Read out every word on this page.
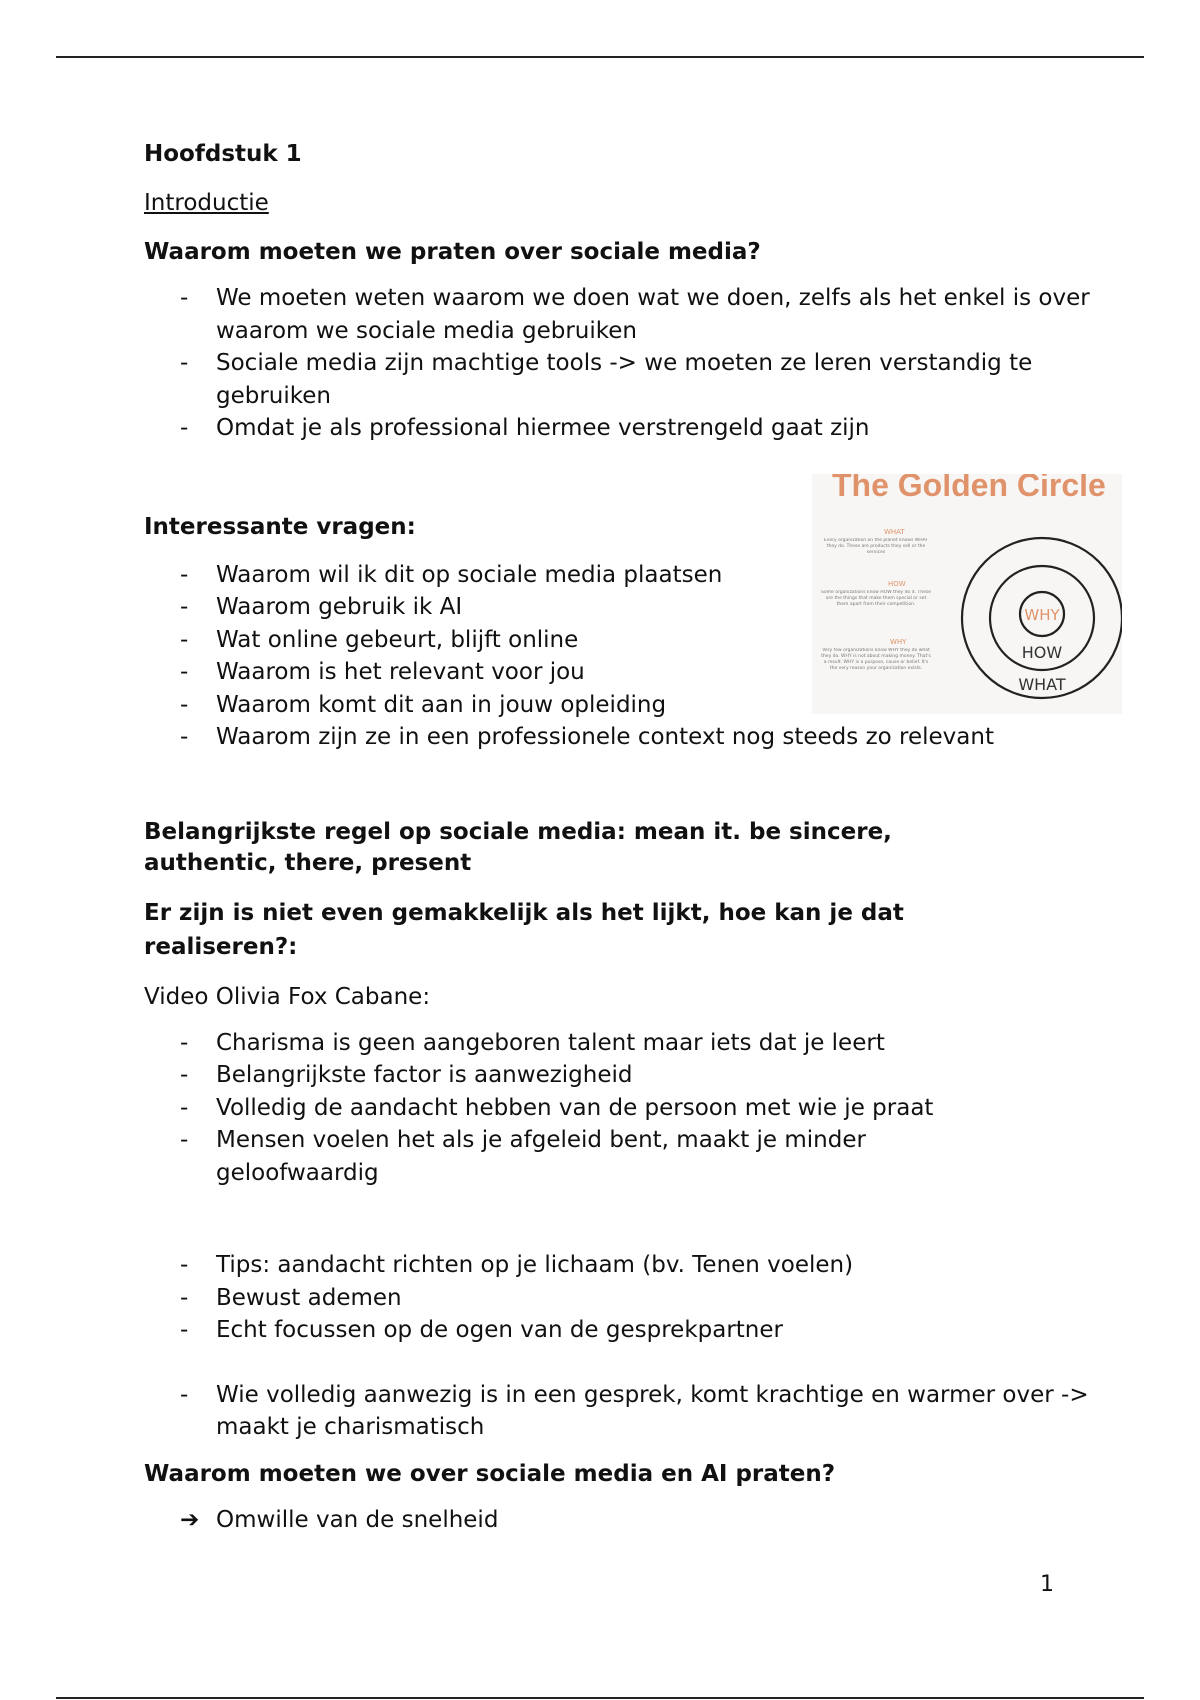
Hoofdstuk 1
Introductie
Waarom moeten we praten over sociale media?
- We moeten weten waarom we doen wat we doen, zelfs als het enkel is over waarom we sociale media gebruiken
- Sociale media zijn machtige tools -> we moeten ze leren verstandig te gebruiken
- Omdat je als professional hiermee verstrengeld gaat zijn
Interessante vragen:
- Waarom wil ik dit op sociale media plaatsen
- Waarom gebruik ik AI
- Wat online gebeurt, blijft online
- Waarom is het relevant voor jou
- Waarom komt dit aan in jouw opleiding
- Waarom zijn ze in een professionele context nog steeds zo relevant
Belangrijkste regel op sociale media: mean it. be sincere, authentic, there, present
Er zijn is niet even gemakkelijk als het lijkt, hoe kan je dat realiseren?:
Video Olivia Fox Cabane:
- Charisma is geen aangeboren talent maar iets dat je leert
- Belangrijkste factor is aanwezigheid
- Volledig de aandacht hebben van de persoon met wie je praat
- Mensen voelen het als je afgeleid bent, maakt je minder geloofwaardig
- Tips: aandacht richten op je lichaam (bv. Tenen voelen)
- Bewust ademen
- Echt focussen op de ogen van de gesprekpartner
- Wie volledig aanwezig is in een gesprek, komt krachtige en warmer over -> maakt je charismatisch
Waarom moeten we over sociale media en AI praten?
➔ Omwille van de snelheid
The Golden Circle
WHAT
Every organization on the planet knows WHAT they do. These are products they sell or the services
HOW
Some organizations know HOW they do it. These are the things that make them special or set them apart from their competition.
WHY
Very few organizations know WHY they do what they do. WHY is not about making money. That's a result. WHY is a purpose, cause or belief. It's the very reason your organization exists.
WHY
HOW
WHAT
1
